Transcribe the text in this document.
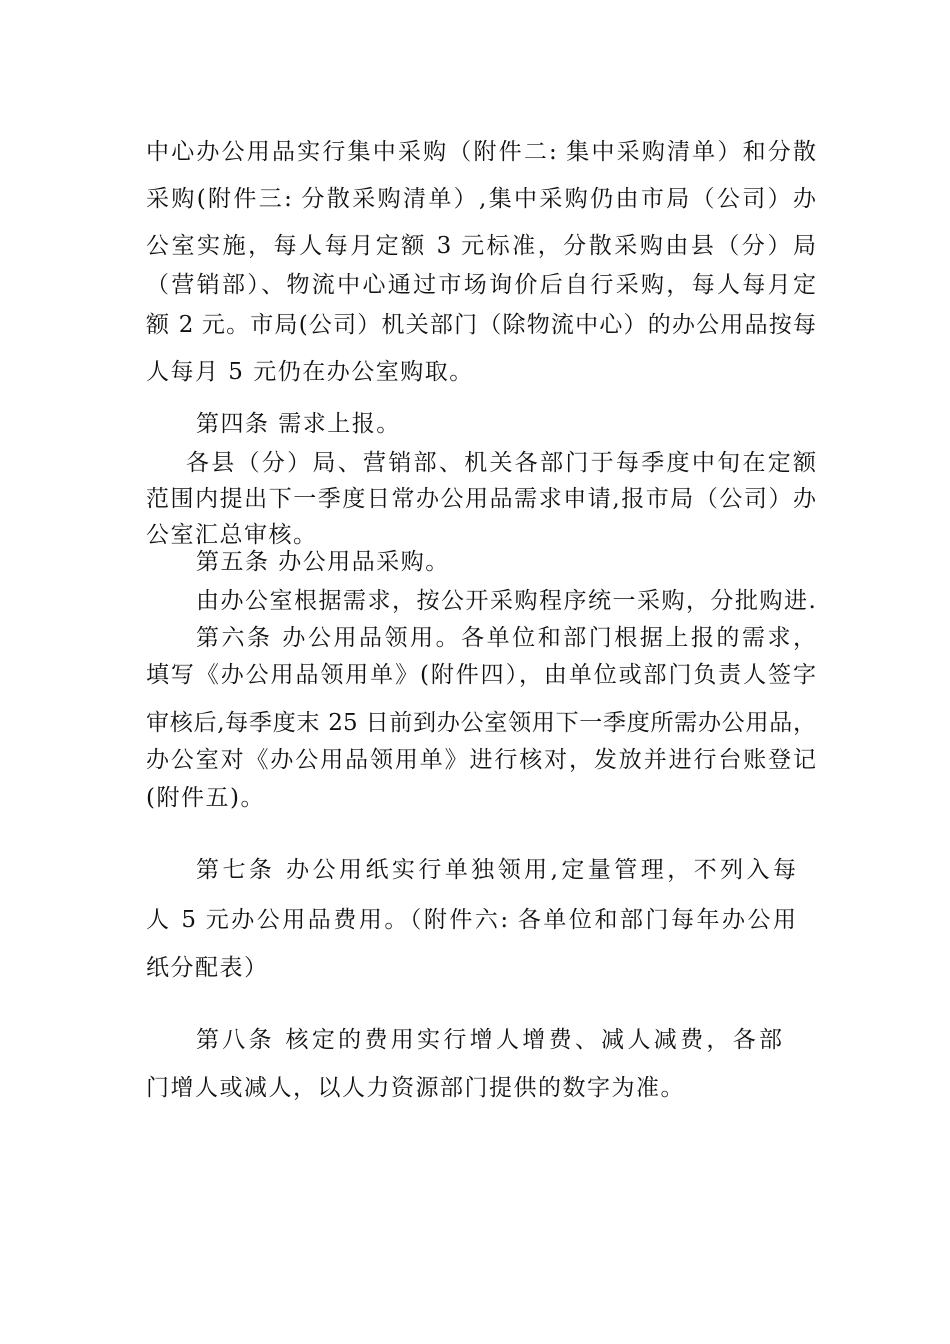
中心办公用品实行集中采购（附件二: 集中采购清单）和分散
采购(附件三: 分散采购清单）,集中采购仍由市局（公司）办
公室实施，每人每月定额 3 元标准，分散采购由县（分）局
（营销部）、物流中心通过市场询价后自行采购，每人每月定
额 2 元。市局(公司）机关部门（除物流中心）的办公用品按每
人每月 5 元仍在办公室购取。
第四条 需求上报。
各县（分）局、营销部、机关各部门于每季度中旬在定额
范围内提出下一季度日常办公用品需求申请,报市局（公司）办
公室汇总审核。
第五条 办公用品采购。
由办公室根据需求，按公开采购程序统一采购，分批购进.
第六条 办公用品领用。各单位和部门根据上报的需求，
填写《办公用品领用单》(附件四），由单位或部门负责人签字
审核后,每季度末 25 日前到办公室领用下一季度所需办公用品，
办公室对《办公用品领用单》进行核对，发放并进行台账登记
(附件五)。
第七条 办公用纸实行单独领用,定量管理，不列入每
人 5 元办公用品费用。（附件六: 各单位和部门每年办公用
纸分配表）
第八条 核定的费用实行增人增费、减人减费，各部
门增人或减人，以人力资源部门提供的数字为准。
